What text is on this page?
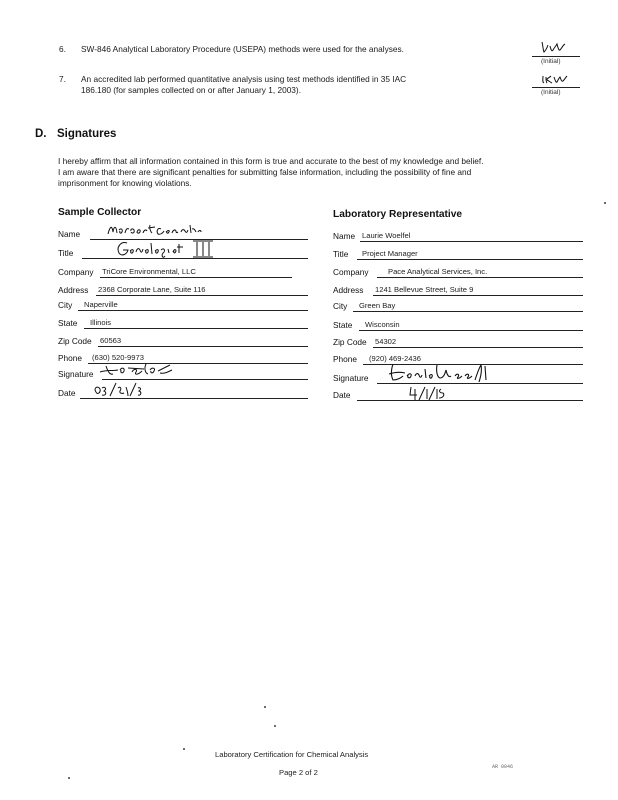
6. SW-846 Analytical Laboratory Procedure (USEPA) methods were used for the analyses.
(Initial)
7. An accredited lab performed quantitative analysis using test methods identified in 35 IAC
186.180 (for samples collected on or after January 1, 2003).	(Initial)
D. Signatures
I hereby affirm that all information contained in this form is true and accurate to the best of my knowledge and belief.
I am aware that there are significant penalties for submitting false information, including the possibility of fine and
imprisonment for knowing violations.
Sample Collector
Name
Title
Company TriCore Environmental, LLC
Address 2368 Corporate Lane, Suite 116
City Naperville
State Illinois
Zip Code 60563
Phone (630) 520-9973
Signature
Date
Laboratory Representative
Name Laurie Woelfel
Title Project Manager
Company	Pace Analytical Services, Inc.
Address 1241 Bellevue Street, Suite 9
City Green Bay
State Wisconsin
Zip Code 54302
Phone (920) 469-2436
Signature
Date
Laboratory Certification for Chemical Analysis
Page 2 of 2
AR 0046
